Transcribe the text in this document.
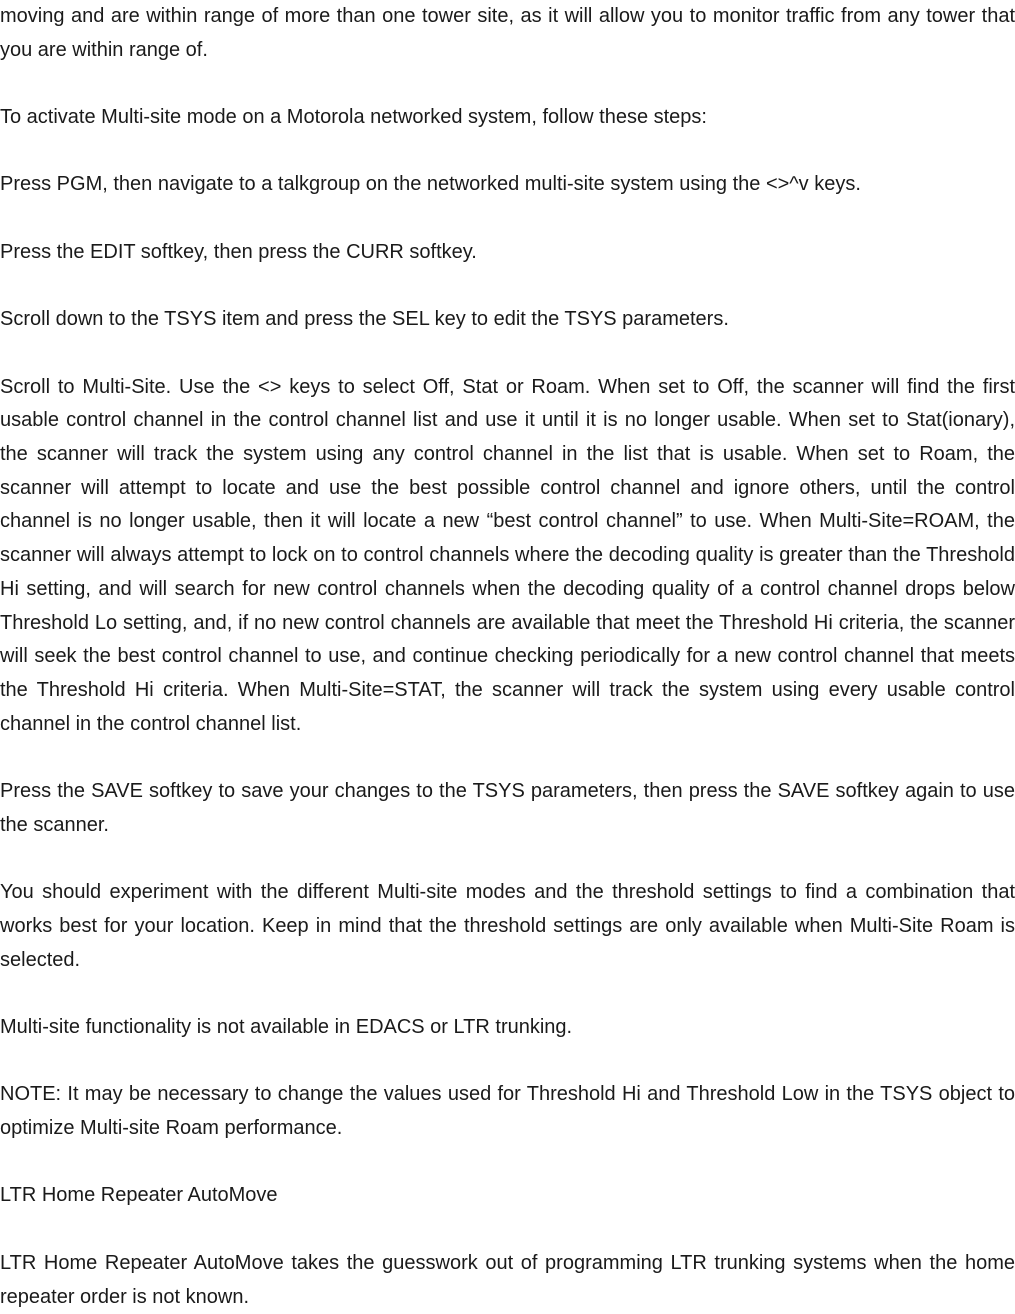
moving and are within range of more than one tower site, as it will allow you to monitor traffic from any tower that you are within range of.

To activate Multi-site mode on a Motorola networked system, follow these steps:

Press PGM, then navigate to a talkgroup on the networked multi-site system using the <>^v keys.

Press the EDIT softkey, then press the CURR softkey.

Scroll down to the TSYS item and press the SEL key to edit the TSYS parameters.

Scroll to Multi-Site. Use the <> keys to select Off, Stat or Roam. When set to Off, the scanner will find the first usable control channel in the control channel list and use it until it is no longer usable. When set to Stat(ionary), the scanner will track the system using any control channel in the list that is usable. When set to Roam, the scanner will attempt to locate and use the best possible control channel and ignore others, until the control channel is no longer usable, then it will locate a new “best control channel” to use. When Multi-Site=ROAM, the scanner will always attempt to lock on to control channels where the decoding quality is greater than the Threshold Hi setting, and will search for new control channels when the decoding quality of a control channel drops below Threshold Lo setting, and, if no new control channels are available that meet the Threshold Hi criteria, the scanner will seek the best control channel to use, and continue checking periodically for a new control channel that meets the Threshold Hi criteria. When Multi-Site=STAT, the scanner will track the system using every usable control channel in the control channel list.

Press the SAVE softkey to save your changes to the TSYS parameters, then press the SAVE softkey again to use the scanner.

You should experiment with the different Multi-site modes and the threshold settings to find a combination that works best for your location. Keep in mind that the threshold settings are only available when Multi-Site Roam is selected.

Multi-site functionality is not available in EDACS or LTR trunking.

NOTE: It may be necessary to change the values used for Threshold Hi and Threshold Low in the TSYS object to optimize Multi-site Roam performance.

LTR Home Repeater AutoMove

LTR Home Repeater AutoMove takes the guesswork out of programming LTR trunking systems when the home repeater order is not known.
